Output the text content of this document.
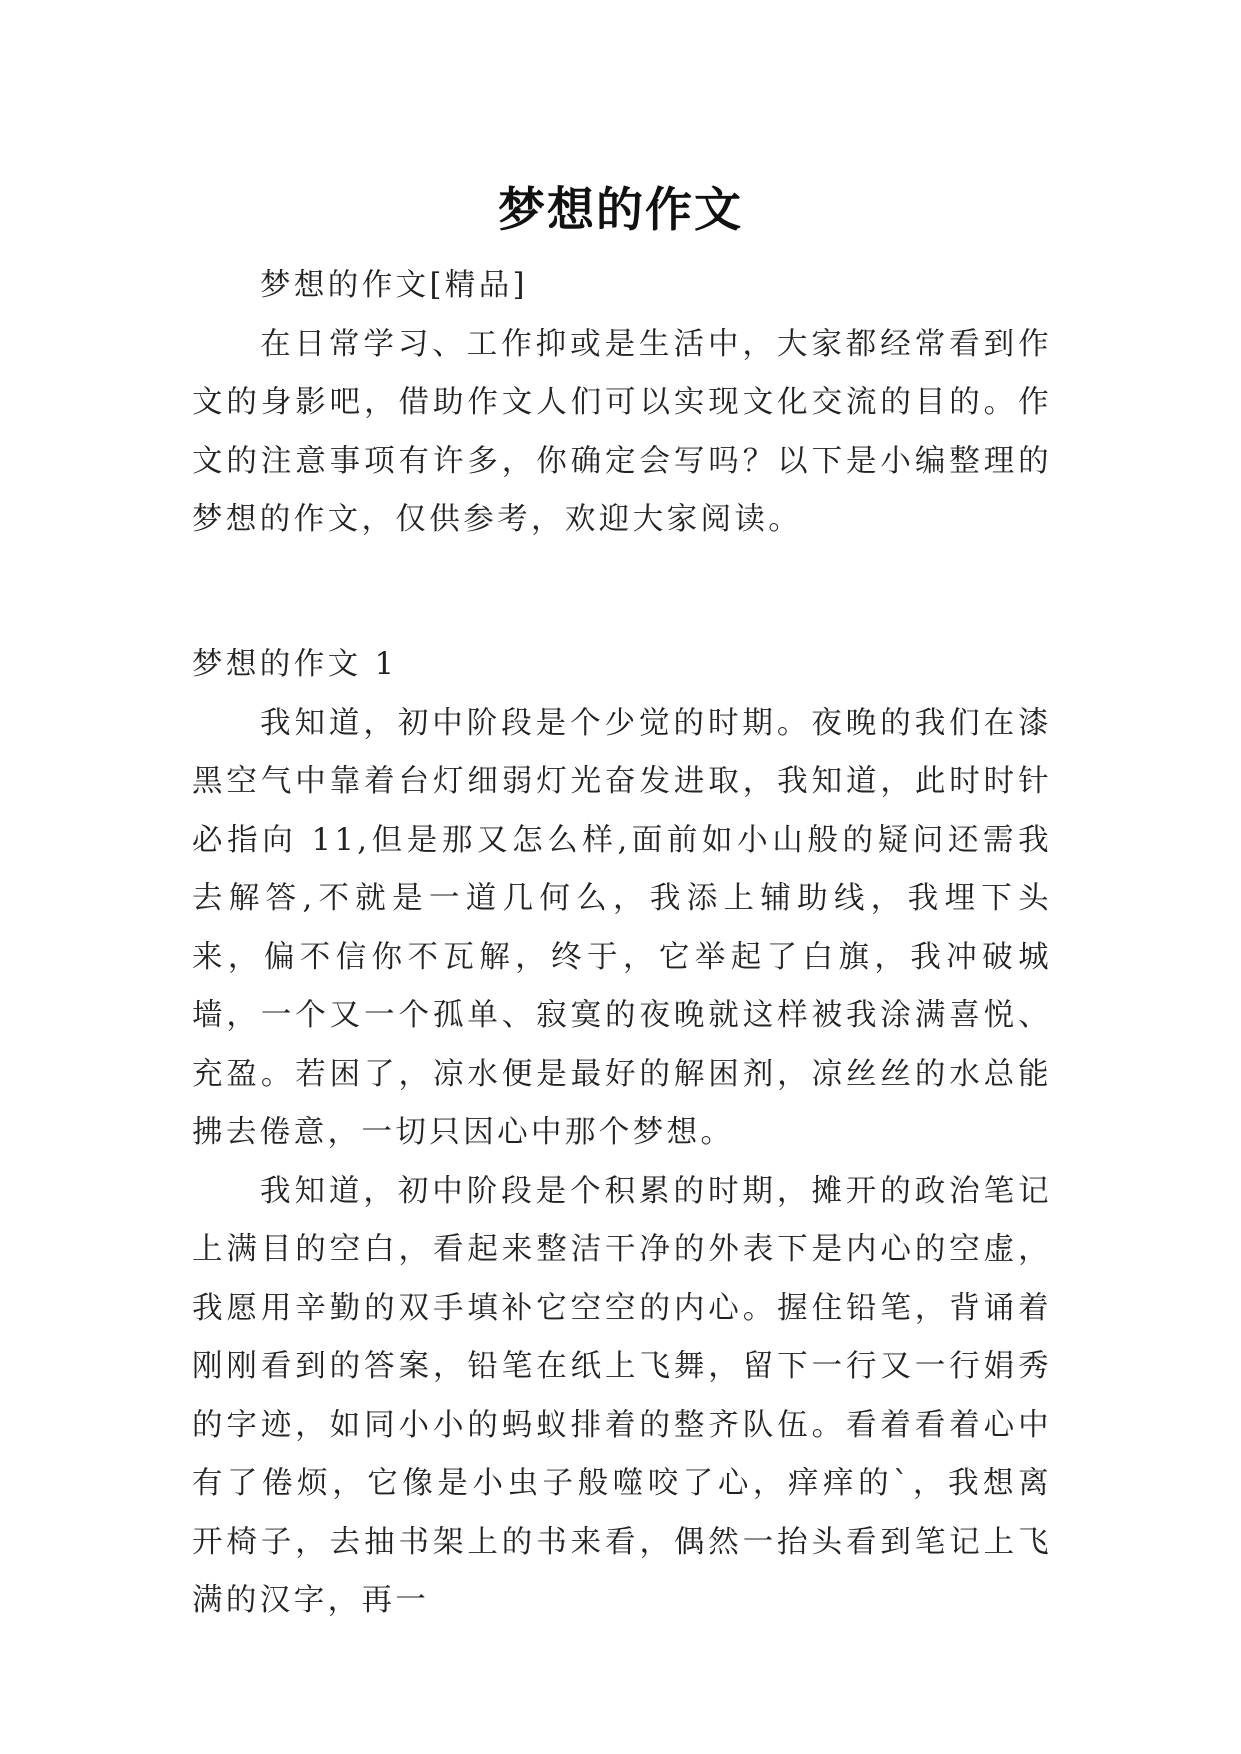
梦想的作文

梦想的作文[精品]

在日常学习、工作抑或是生活中，大家都经常看到作文的身影吧，借助作文人们可以实现文化交流的目的。作文的注意事项有许多，你确定会写吗？以下是小编整理的梦想的作文，仅供参考，欢迎大家阅读。

梦想的作文 1

我知道，初中阶段是个少觉的时期。夜晚的我们在漆黑空气中靠着台灯细弱灯光奋发进取，我知道，此时时针必指向 11,但是那又怎么样,面前如小山般的疑问还需我去解答,不就是一道几何么，我添上辅助线，我埋下头来，偏不信你不瓦解，终于，它举起了白旗，我冲破城墙，一个又一个孤单、寂寞的夜晚就这样被我涂满喜悦、充盈。若困了，凉水便是最好的解困剂，凉丝丝的水总能拂去倦意，一切只因心中那个梦想。

我知道，初中阶段是个积累的时期，摊开的政治笔记上满目的空白，看起来整洁干净的外表下是内心的空虚，我愿用辛勤的双手填补它空空的内心。握住铅笔，背诵着刚刚看到的答案，铅笔在纸上飞舞，留下一行又一行娟秀的字迹，如同小小的蚂蚁排着的整齐队伍。看着看着心中有了倦烦，它像是小虫子般噬咬了心，痒痒的`，我想离开椅子，去抽书架上的书来看，偶然一抬头看到笔记上飞满的汉字，再一
